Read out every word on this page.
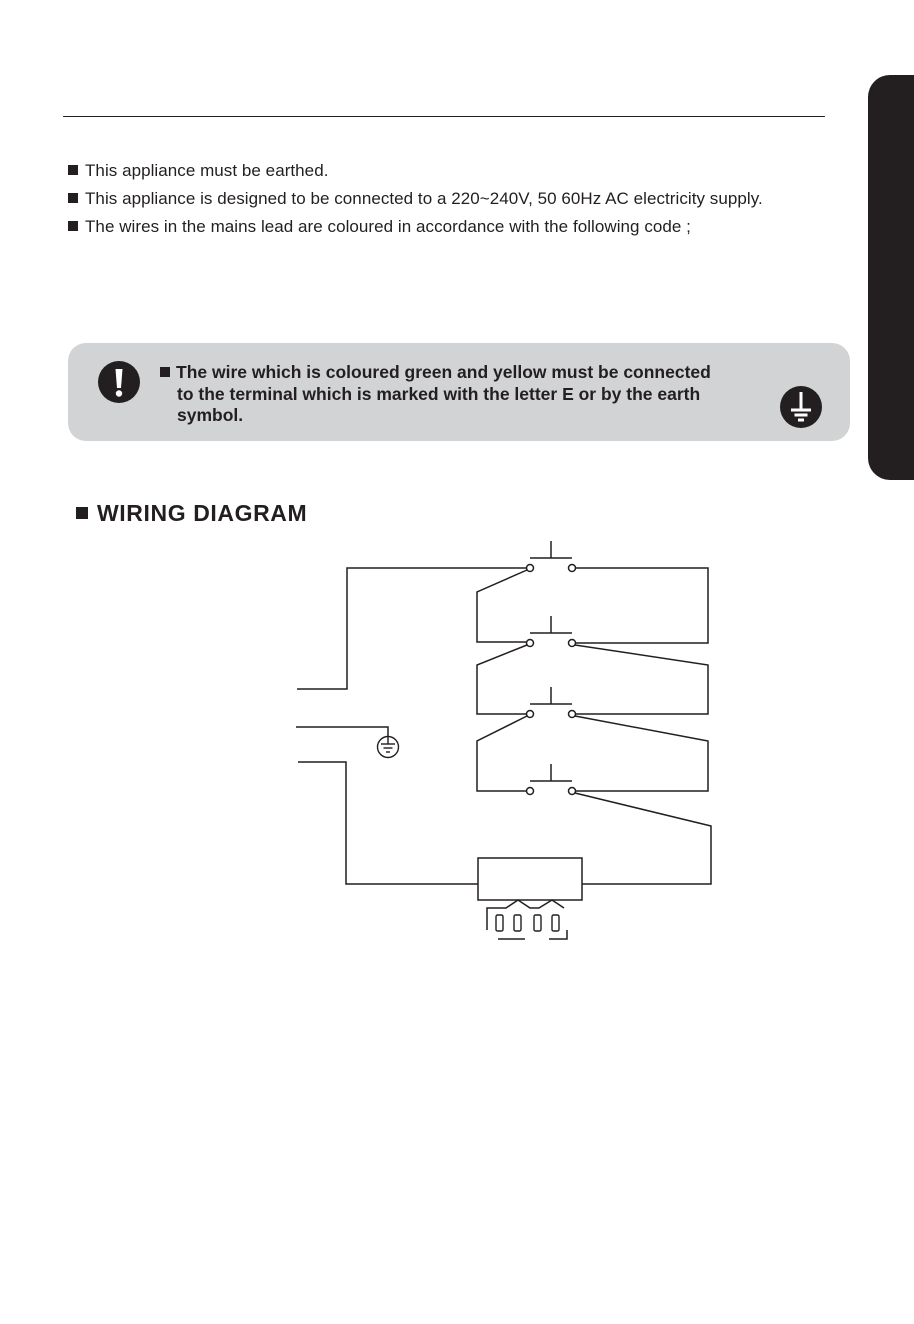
This appliance must be earthed.
This appliance is designed to be connected to a 220~240V, 50 60Hz AC electricity supply.
The wires in the mains lead are coloured in accordance with the following code ;

The wire which is coloured green and yellow must be connected
to the terminal which is marked with the letter E or by the earth
symbol.

WIRING DIAGRAM
